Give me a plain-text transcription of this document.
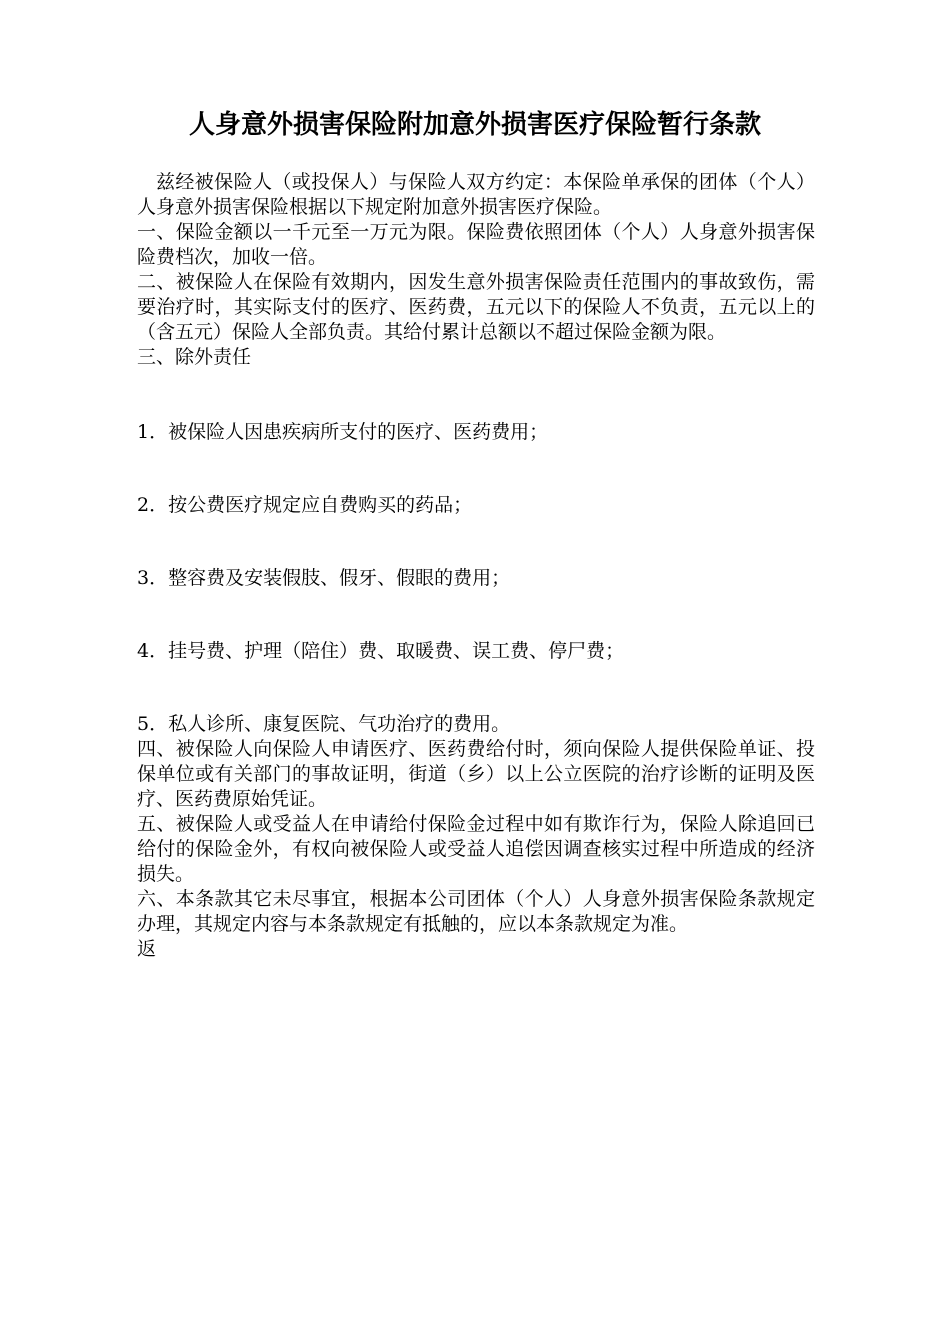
人身意外损害保险附加意外损害医疗保险暂行条款

兹经被保险人（或投保人）与保险人双方约定：本保险单承保的团体（个人）人身意外损害保险根据以下规定附加意外损害医疗保险。

一、保险金额以一千元至一万元为限。保险费依照团体（个人）人身意外损害保险费档次，加收一倍。

二、被保险人在保险有效期内，因发生意外损害保险责任范围内的事故致伤，需要治疗时，其实际支付的医疗、医药费，五元以下的保险人不负责，五元以上的（含五元）保险人全部负责。其给付累计总额以不超过保险金额为限。

三、除外责任

1．被保险人因患疾病所支付的医疗、医药费用；

2．按公费医疗规定应自费购买的药品；

3．整容费及安装假肢、假牙、假眼的费用；

4．挂号费、护理（陪住）费、取暖费、误工费、停尸费；

5．私人诊所、康复医院、气功治疗的费用。

四、被保险人向保险人申请医疗、医药费给付时，须向保险人提供保险单证、投保单位或有关部门的事故证明，街道（乡）以上公立医院的治疗诊断的证明及医疗、医药费原始凭证。

五、被保险人或受益人在申请给付保险金过程中如有欺诈行为，保险人除追回已给付的保险金外，有权向被保险人或受益人追偿因调查核实过程中所造成的经济损失。

六、本条款其它未尽事宜，根据本公司团体（个人）人身意外损害保险条款规定办理，其规定内容与本条款规定有抵触的，应以本条款规定为准。

返
